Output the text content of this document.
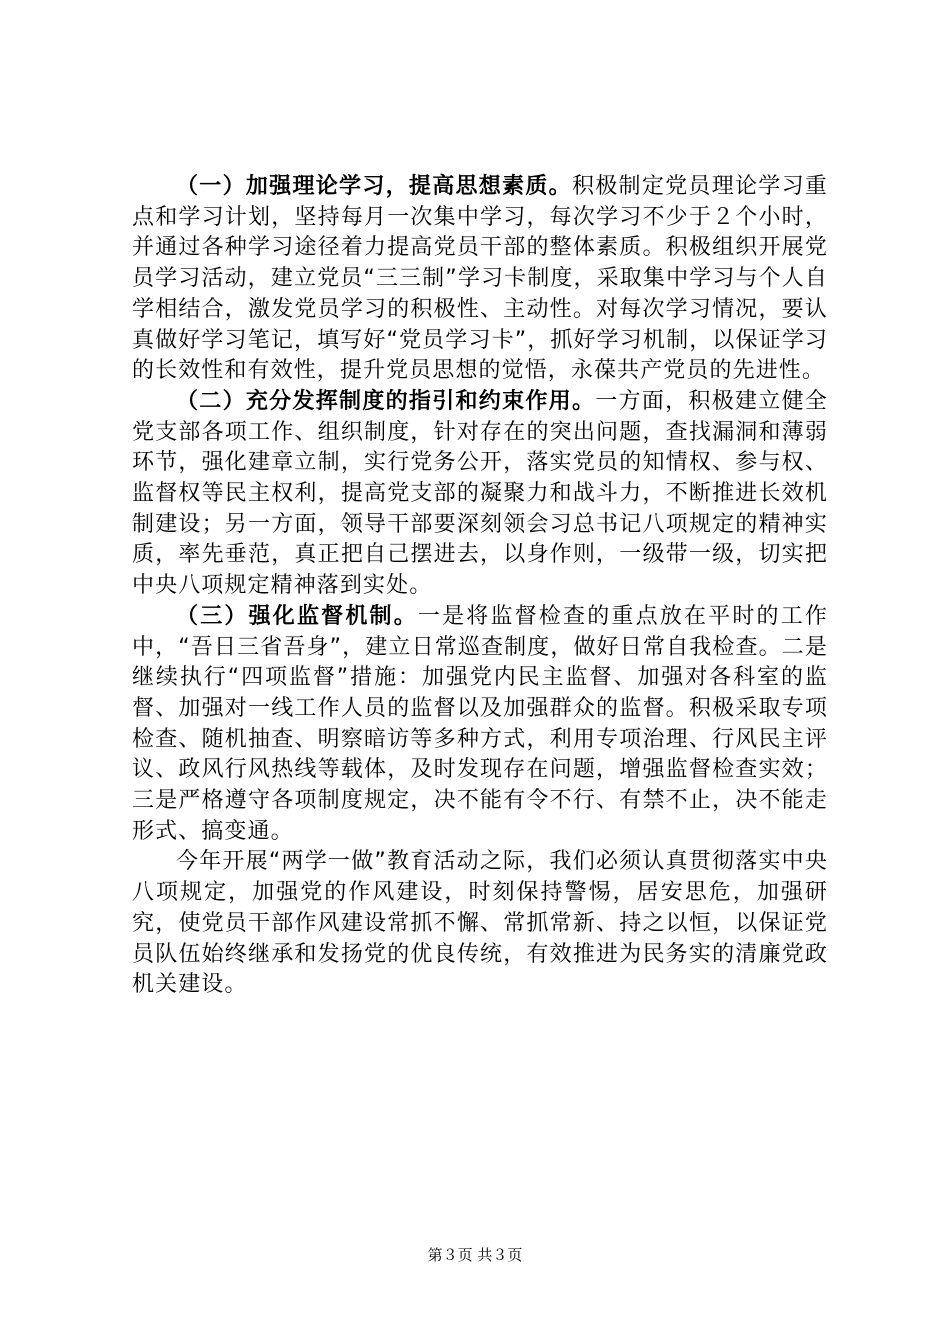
（一）加强理论学习，提高思想素质。积极制定党员理论学习重点和学习计划，坚持每月一次集中学习，每次学习不少于２个小时，并通过各种学习途径着力提高党员干部的整体素质。积极组织开展党员学习活动，建立党员“三三制”学习卡制度，采取集中学习与个人自学相结合，激发党员学习的积极性、主动性。对每次学习情况，要认真做好学习笔记，填写好“党员学习卡”，抓好学习机制，以保证学习的长效性和有效性，提升党员思想的觉悟，永葆共产党员的先进性。

（二）充分发挥制度的指引和约束作用。一方面，积极建立健全党支部各项工作、组织制度，针对存在的突出问题，查找漏洞和薄弱环节，强化建章立制，实行党务公开，落实党员的知情权、参与权、监督权等民主权利，提高党支部的凝聚力和战斗力，不断推进长效机制建设；另一方面，领导干部要深刻领会习总书记八项规定的精神实质，率先垂范，真正把自己摆进去，以身作则，一级带一级，切实把中央八项规定精神落到实处。

（三）强化监督机制。一是将监督检查的重点放在平时的工作中，“吾日三省吾身”，建立日常巡查制度，做好日常自我检查。二是继续执行“四项监督”措施：加强党内民主监督、加强对各科室的监督、加强对一线工作人员的监督以及加强群众的监督。积极采取专项检查、随机抽查、明察暗访等多种方式，利用专项治理、行风民主评议、政风行风热线等载体，及时发现存在问题，增强监督检查实效；三是严格遵守各项制度规定，决不能有令不行、有禁不止，决不能走形式、搞变通。

今年开展“两学一做”教育活动之际，我们必须认真贯彻落实中央八项规定，加强党的作风建设，时刻保持警惕，居安思危，加强研究，使党员干部作风建设常抓不懈、常抓常新、持之以恒，以保证党员队伍始终继承和发扬党的优良传统，有效推进为民务实的清廉党政机关建设。

第３页 共３页
